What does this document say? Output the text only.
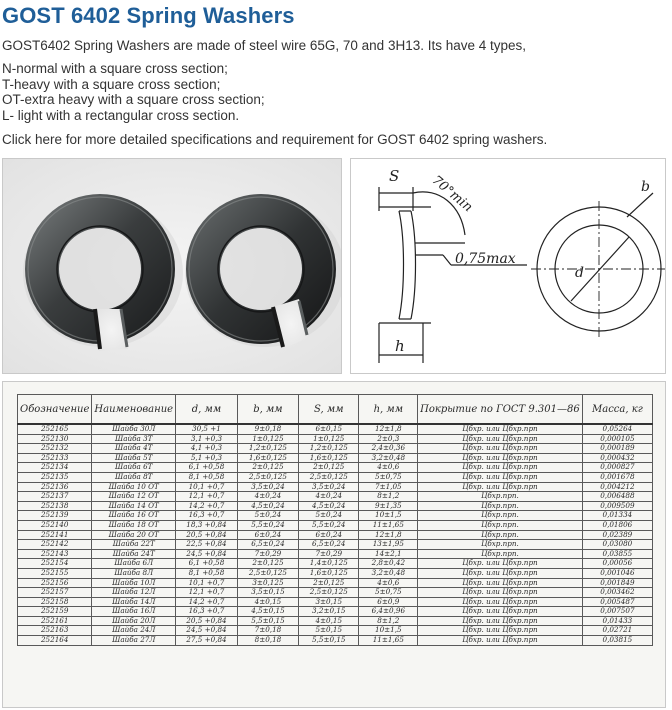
GOST 6402 Spring Washers
GOST6402 Spring Washers are made of steel wire 65G, 70 and 3H13. Its have 4 types,
N-normal with a square cross section;
T-heavy with a square cross section;
OT-extra heavy with a square cross section;
L- light with a rectangular cross section.
Click here for more detailed specifications and requirement for GOST 6402 spring washers.
S 70°min
0,75max
h
d
b
Обозначение	Наименование	d, мм	b, мм	S, мм	h, мм	Покрытие по ГОСТ 9.301—86	Масса, кг
252165	Шайба 30Л	30,5 +1	9±0,18	6±0,15	12±1,8	Цбхр. или Цбхр.прп	0,05264
252130	Шайба 3Т	3,1 +0,3	1±0,125	1±0,125	2±0,3	Цбхр. или Цбхр.прп	0,000105
252132	Шайба 4Т	4,1 +0,3	1,2±0,125	1,2±0,125	2,4±0,36	Цбхр. или Цбхр.прп	0,000189
252133	Шайба 5Т	5,1 +0,3	1,6±0,125	1,6±0,125	3,2±0,48	Цбхр. или Цбхр.прп	0,000432
252134	Шайба 6Т	6,1 +0,58	2±0,125	2±0,125	4±0,6	Цбхр. или Цбхр.прп	0,000827
252135	Шайба 8Т	8,1 +0,58	2,5±0,125	2,5±0,125	5±0,75	Цбхр. или Цбхр.прп	0,001678
252136	Шайба 10 ОТ	10,1 +0,7	3,5±0,24	3,5±0,24	7±1,05	Цбхр. или Цбхр.прп	0,004212
252137	Шайба 12 ОТ	12,1 +0,7	4±0,24	4±0,24	8±1,2	Цбхр.прп.	0,006488
252138	Шайба 14 ОТ	14,2 +0,7	4,5±0,24	4,5±0,24	9±1,35	Цбхр.прп.	0,009509
252139	Шайба 16 ОТ	16,3 +0,7	5±0,24	5±0,24	10±1,5	Цбхр.прп.	0,01334
252140	Шайба 18 ОТ	18,3 +0,84	5,5±0,24	5,5±0,24	11±1,65	Цбхр.прп.	0,01806
252141	Шайба 20 ОТ	20,5 +0,84	6±0,24	6±0,24	12±1,8	Цбхр.прп.	0,02389
252142	Шайба 22Т	22,5 +0,84	6,5±0,24	6,5±0,24	13±1,95	Цбхр.прп.	0,03080
252143	Шайба 24Т	24,5 +0,84	7±0,29	7±0,29	14±2,1	Цбхр.прп.	0,03855
252154	Шайба 6Л	6,1 +0,58	2±0,125	1,4±0,125	2,8±0,42	Цбхр. или Цбхр.прп	0,00056
252155	Шайба 8Л	8,1 +0,58	2,5±0,125	1,6±0,125	3,2±0,48	Цбхр. или Цбхр.прп	0,001046
252156	Шайба 10Л	10,1 +0,7	3±0,125	2±0,125	4±0,6	Цбхр. или Цбхр.прп	0,001849
252157	Шайба 12Л	12,1 +0,7	3,5±0,15	2,5±0,125	5±0,75	Цбхр. или Цбхр.прп	0,003462
252158	Шайба 14Л	14,2 +0,7	4±0,15	3±0,15	6±0,9	Цбхр. или Цбхр.прп	0,005487
252159	Шайба 16Л	16,3 +0,7	4,5±0,15	3,2±0,15	6,4±0,96	Цбхр. или Цбхр.прп	0,007507
252161	Шайба 20Л	20,5 +0,84	5,5±0,15	4±0,15	8±1,2	Цбхр. или Цбхр.прп	0,01433
252163	Шайба 24Л	24,5 +0,84	7±0,18	5±0,15	10±1,5	Цбхр. или Цбхр.прп	0,02721
252164	Шайба 27Л	27,5 +0,84	8±0,18	5,5±0,15	11±1,65	Цбхр. или Цбхр.прп	0,03815
